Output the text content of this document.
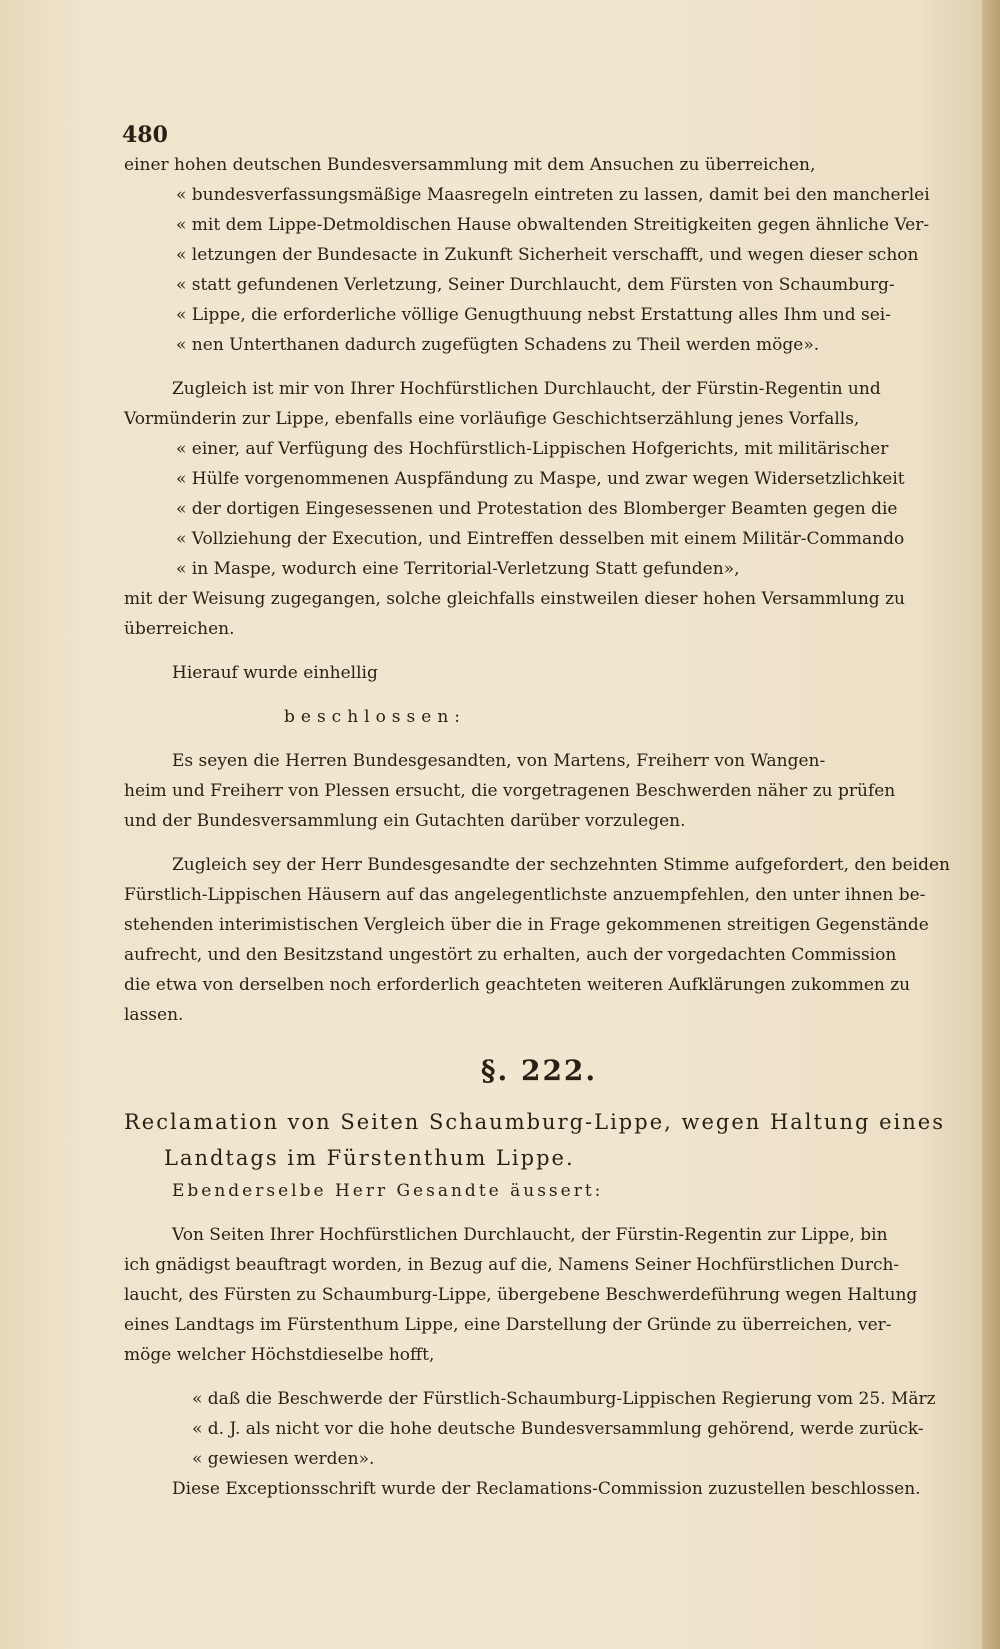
480

einer hohen deutschen Bundesversammlung mit dem Ansuchen zu überreichen,

« bundesverfassungsmäßige Maasregeln eintreten zu lassen, damit bei den mancherlei

« mit dem Lippe-Detmoldischen Hause obwaltenden Streitigkeiten gegen ähnliche Ver-

« letzungen der Bundesacte in Zukunft Sicherheit verschafft, und wegen dieser schon

« statt gefundenen Verletzung, Seiner Durchlaucht, dem Fürsten von Schaumburg-

« Lippe, die erforderliche völlige Genugthuung nebst Erstattung alles Ihm und sei-

« nen Unterthanen dadurch zugefügten Schadens zu Theil werden möge».

Zugleich ist mir von Ihrer Hochfürstlichen Durchlaucht, der Fürstin-Regentin und

Vormünderin zur Lippe, ebenfalls eine vorläufige Geschichtserzählung jenes Vorfalls,

« einer, auf Verfügung des Hochfürstlich-Lippischen Hofgerichts, mit militärischer

« Hülfe vorgenommenen Auspfändung zu Maspe, und zwar wegen Widersetzlichkeit

« der dortigen Eingesessenen und Protestation des Blomberger Beamten gegen die

« Vollziehung der Execution, und Eintreffen desselben mit einem Militär-Commando

« in Maspe, wodurch eine Territorial-Verletzung Statt gefunden»,

mit der Weisung zugegangen, solche gleichfalls einstweilen dieser hohen Versammlung zu

überreichen.

Hierauf wurde einhellig

beschlossen:

Es seyen die Herren Bundesgesandten, von Martens, Freiherr von Wangen-

heim und Freiherr von Plessen ersucht, die vorgetragenen Beschwerden näher zu prüfen

und der Bundesversammlung ein Gutachten darüber vorzulegen.

Zugleich sey der Herr Bundesgesandte der sechzehnten Stimme aufgefordert, den beiden

Fürstlich-Lippischen Häusern auf das angelegentlichste anzuempfehlen, den unter ihnen be-

stehenden interimistischen Vergleich über die in Frage gekommenen streitigen Gegenstände

aufrecht, und den Besitzstand ungestört zu erhalten, auch der vorgedachten Commission

die etwa von derselben noch erforderlich geachteten weiteren Aufklärungen zukommen zu

lassen.

§. 222.

Reclamation von Seiten Schaumburg-Lippe, wegen Haltung eines
Landtags im Fürstenthum Lippe.

Ebenderselbe Herr Gesandte äussert:

Von Seiten Ihrer Hochfürstlichen Durchlaucht, der Fürstin-Regentin zur Lippe, bin

ich gnädigst beauftragt worden, in Bezug auf die, Namens Seiner Hochfürstlichen Durch-

laucht, des Fürsten zu Schaumburg-Lippe, übergebene Beschwerdeführung wegen Haltung

eines Landtags im Fürstenthum Lippe, eine Darstellung der Gründe zu überreichen, ver-

möge welcher Höchstdieselbe hofft,

« daß die Beschwerde der Fürstlich-Schaumburg-Lippischen Regierung vom 25. März

« d. J. als nicht vor die hohe deutsche Bundesversammlung gehörend, werde zurück-

« gewiesen werden».

Diese Exceptionsschrift wurde der Reclamations-Commission zuzustellen beschlossen.
